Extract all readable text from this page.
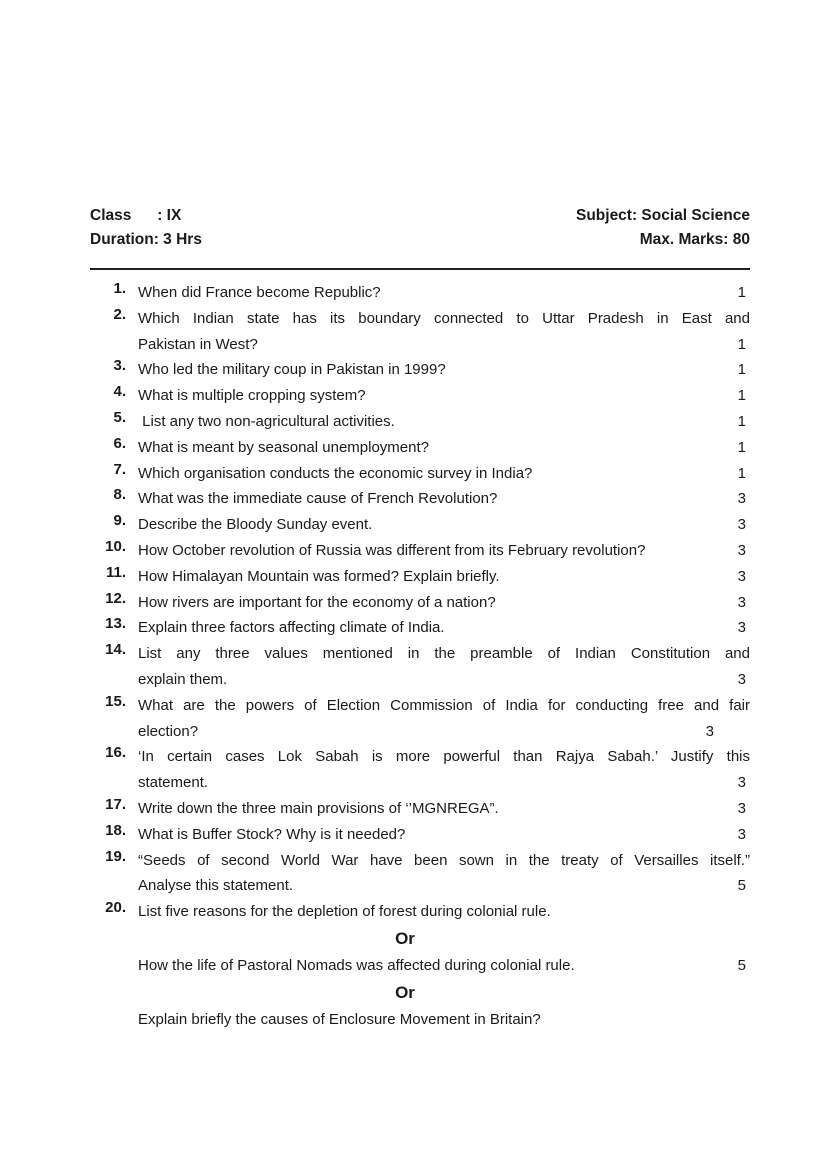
Class      : IX	Subject: Social Science
Duration: 3 Hrs	Max. Marks: 80
1. When did France become Republic?	1
2. Which Indian state has its boundary connected to Uttar Pradesh in East and
Pakistan in West?	1
3. Who led the military coup in Pakistan in 1999?	1
4. What is multiple cropping system?	1
5. List any two non-agricultural activities.	1
6. What is meant by seasonal unemployment?	1
7. Which organisation conducts the economic survey in India?	1
8. What was the immediate cause of French Revolution?	3
9. Describe the Bloody Sunday event.	3
10. How October revolution of Russia was different from its February revolution?	3
11. How Himalayan Mountain was formed? Explain briefly.	3
12. How rivers are important for the economy of a nation?	3
13. Explain three factors affecting climate of India.	3
14. List any three values mentioned in the preamble of Indian Constitution and
explain them.	3
15. What are the powers of Election Commission of India for conducting free and fair
election?	3
16. ‘In certain cases Lok Sabah is more powerful than Rajya Sabah.’ Justify this
statement.	3
17. Write down the three main provisions of ‘’MGNREGA”.	3
18. What is Buffer Stock? Why is it needed?	3
19. “Seeds of second World War have been sown in the treaty of Versailles itself.”
Analyse this statement.	5
20. List five reasons for the depletion of forest during colonial rule.
Or
How the life of Pastoral Nomads was affected during colonial rule.	5
Or
Explain briefly the causes of Enclosure Movement in Britain?
